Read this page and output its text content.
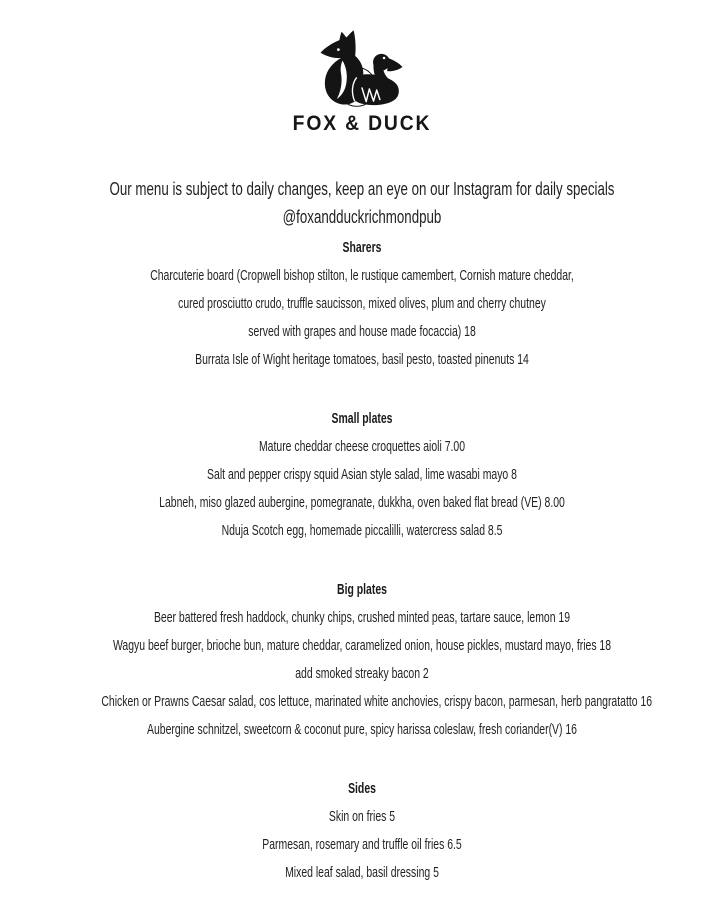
FOX & DUCK
Our menu is subject to daily changes, keep an eye on our Instagram for daily specials
@foxandduckrichmondpub
Sharers
Charcuterie board (Cropwell bishop stilton, le rustique camembert, Cornish mature cheddar,
cured prosciutto crudo, truffle saucisson, mixed olives, plum and cherry chutney
served with grapes and house made focaccia) 18
Burrata Isle of Wight heritage tomatoes, basil pesto, toasted pinenuts 14
Small plates
Mature cheddar cheese croquettes aioli 7.00
Salt and pepper crispy squid Asian style salad, lime wasabi mayo 8
Labneh, miso glazed aubergine, pomegranate, dukkha, oven baked flat bread (VE) 8.00
Nduja Scotch egg, homemade piccalilli, watercress salad 8.5
Big plates
Beer battered fresh haddock, chunky chips, crushed minted peas, tartare sauce, lemon 19
Wagyu beef burger, brioche bun, mature cheddar, caramelized onion, house pickles, mustard mayo, fries 18
add smoked streaky bacon 2
Chicken or Prawns Caesar salad, cos lettuce, marinated white anchovies, crispy bacon, parmesan, herb pangratatto 16
Aubergine schnitzel, sweetcorn & coconut pure, spicy harissa coleslaw, fresh coriander(V) 16
Sides
Skin on fries 5
Parmesan, rosemary and truffle oil fries 6.5
Mixed leaf salad, basil dressing 5
